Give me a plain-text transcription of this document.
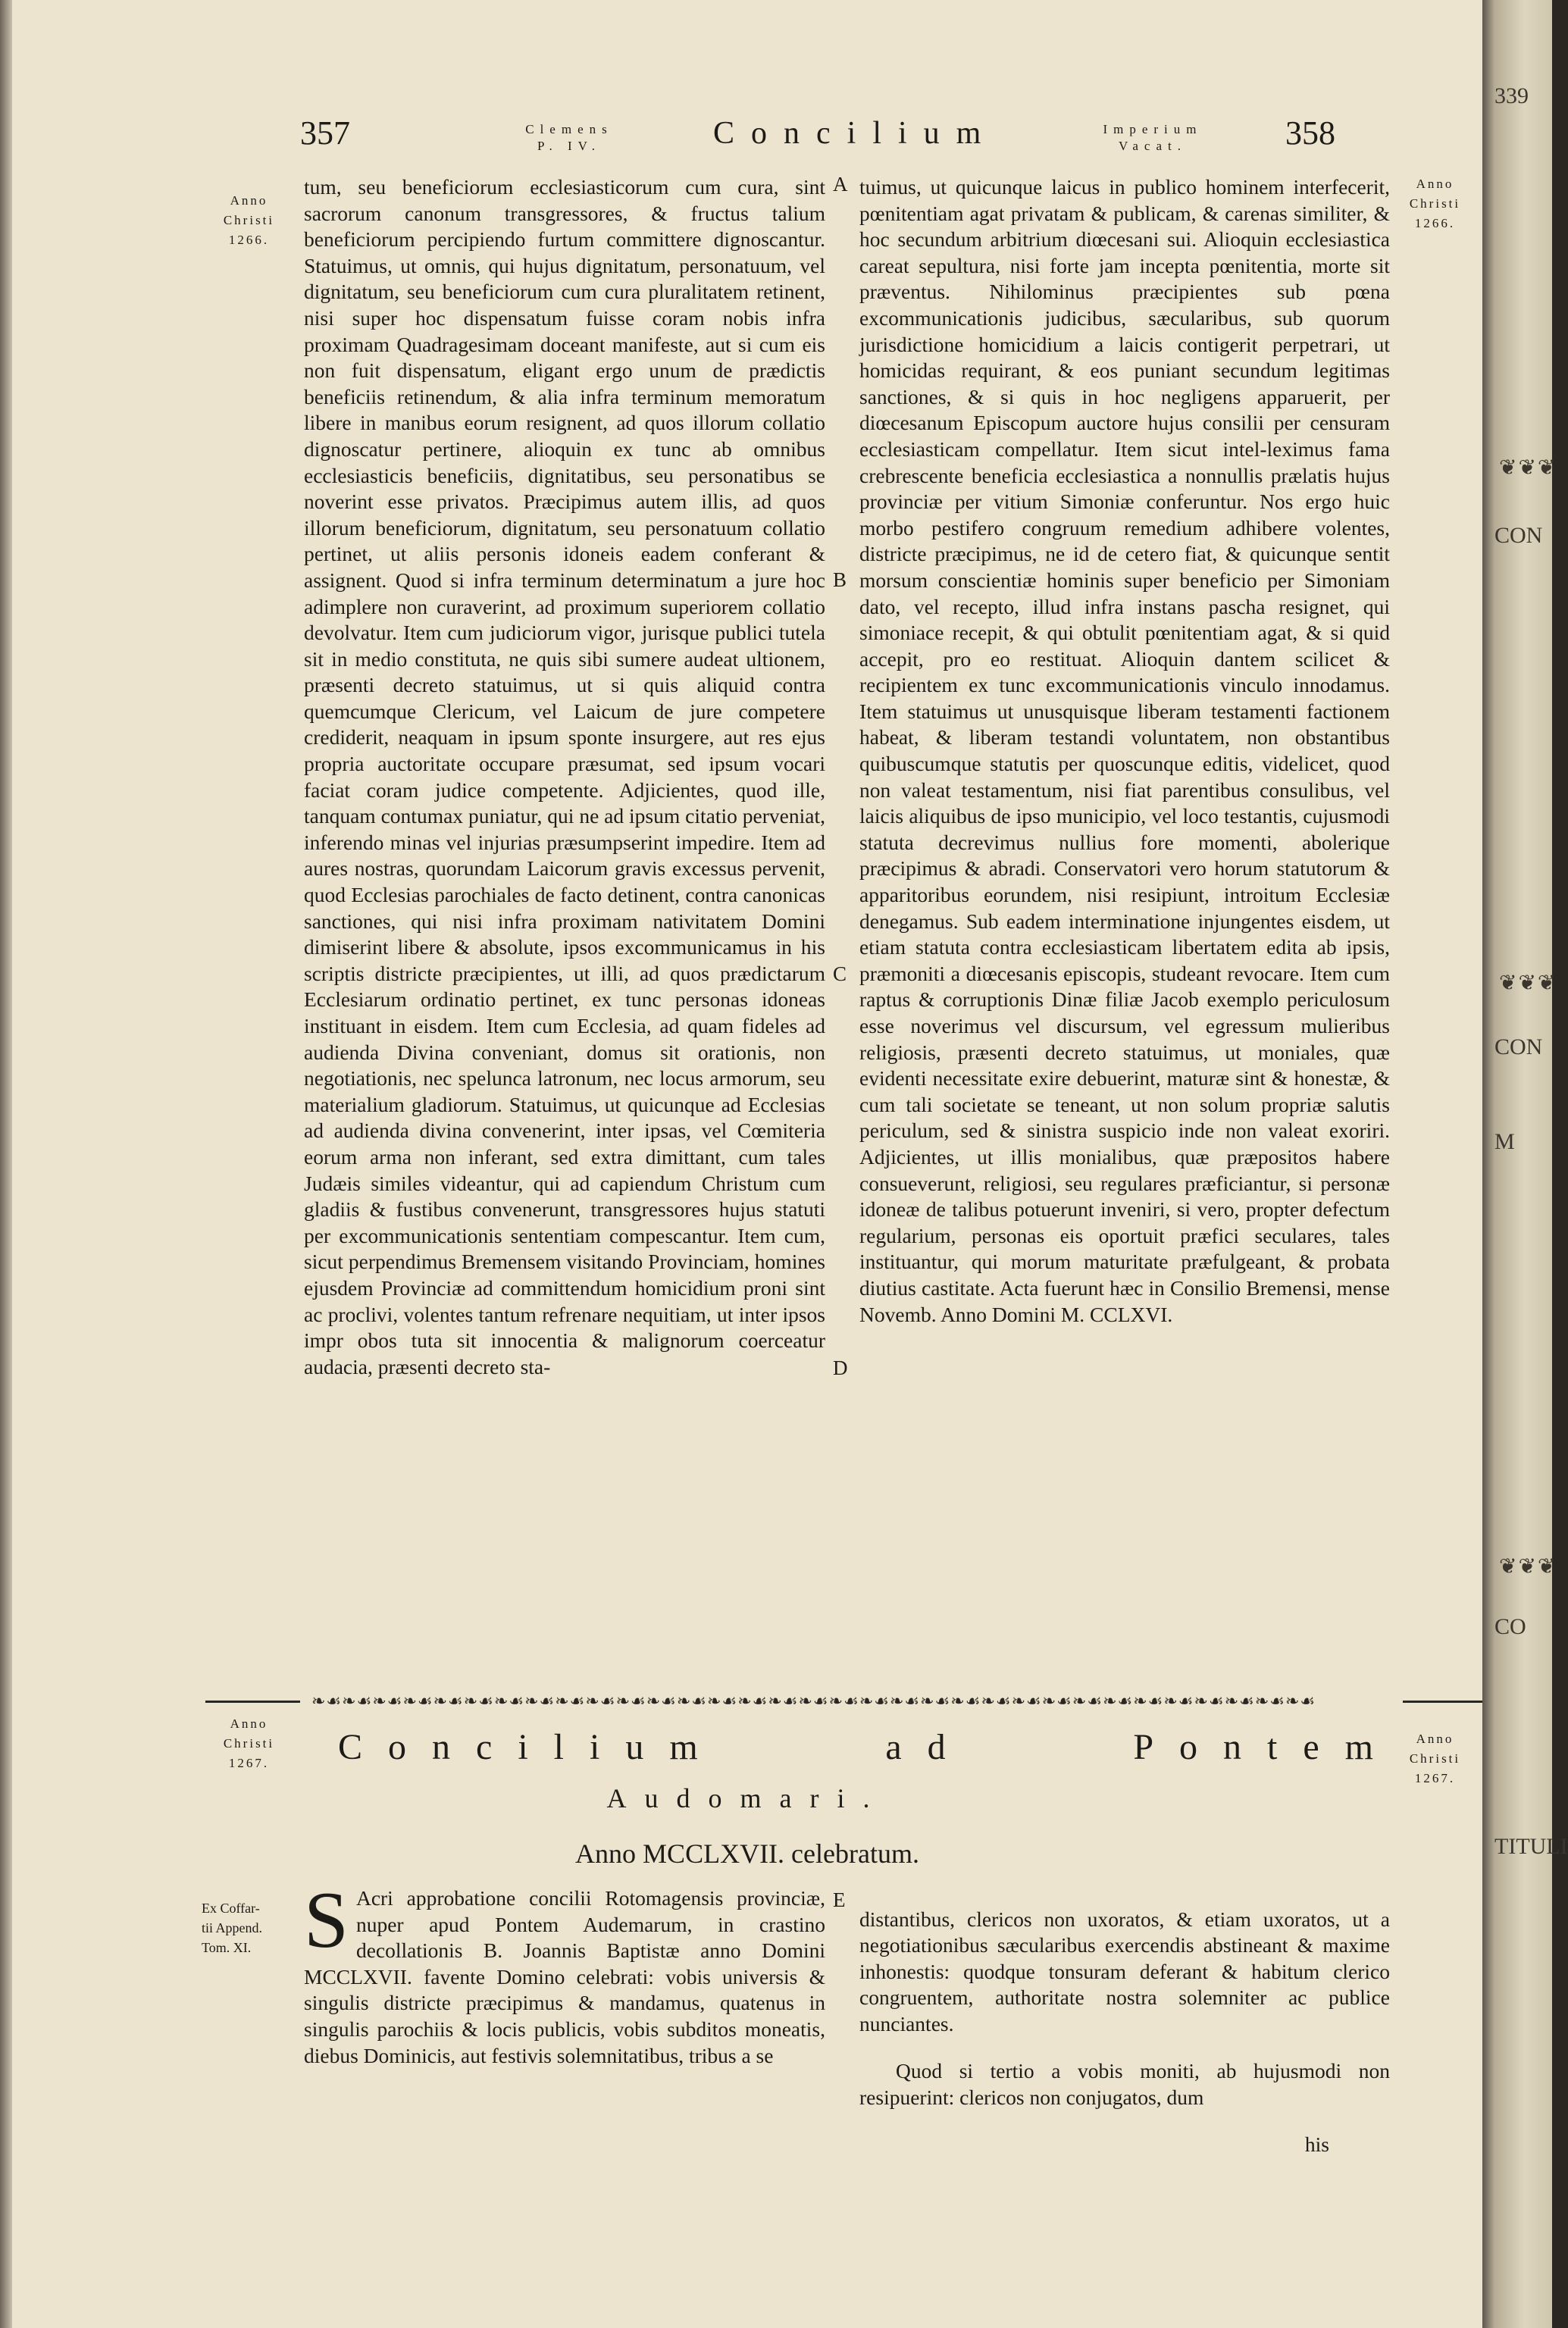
357	Clemens
P. IV.	Concilium	Imperium
Vacat.	358
Anno
Christi
1266.
Anno
Christi
1266.
Anno
Christi
1267.
Anno
Christi
1267.
Ex Coffar-
tii Append.
Tom. XI.
A
B
C
D
E

tum, seu beneficiorum ecclesiasticorum cum cura, sint sacrorum canonum transgressores, & fructus talium beneficiorum percipiendo furtum committere dignoscantur. Statuimus, ut omnis, qui hujus dignitatum, personatuum, vel dignitatum, seu beneficiorum cum cura pluralitatem retinent, nisi super hoc dispensatum fuisse coram nobis infra proximam Quadragesimam doceant manifeste, aut si cum eis non fuit dispensatum, eligant ergo unum de prædictis beneficiis retinendum, & alia infra terminum memoratum libere in manibus eorum resignent, ad quos illorum collatio dignoscatur pertinere, alioquin ex tunc ab omnibus ecclesiasticis beneficiis, dignitatibus, seu personatibus se noverint esse privatos. Præcipimus autem illis, ad quos illorum beneficiorum, dignitatum, seu personatuum collatio pertinet, ut aliis personis idoneis eadem conferant & assignent. Quod si infra terminum determinatum a jure hoc adimplere non curaverint, ad proximum superiorem collatio devolvatur. Item cum judiciorum vigor, jurisque publici tutela sit in medio constituta, ne quis sibi sumere audeat ultionem, præsenti decreto statuimus, ut si quis aliquid contra quemcumque Clericum, vel Laicum de jure competere crediderit, neaquam in ipsum sponte insurgere, aut res ejus propria auctoritate occupare præsumat, sed ipsum vocari faciat coram judice competente. Adjicientes, quod ille, tanquam contumax puniatur, qui ne ad ipsum citatio perveniat, inferendo minas vel injurias præsumpserint impedire. Item ad aures nostras, quorundam Laicorum gravis excessus pervenit, quod Ecclesias parochiales de facto detinent, contra canonicas sanctiones, qui nisi infra proximam nativitatem Domini dimiserint libere & absolute, ipsos excommunicamus in his scriptis districte præcipientes, ut illi, ad quos prædictarum Ecclesiarum ordinatio pertinet, ex tunc personas idoneas instituant in eisdem. Item cum Ecclesia, ad quam fideles ad audienda Divina conveniant, domus sit orationis, non negotiationis, nec spelunca latronum, nec locus armorum, seu materialium gladiorum. Statuimus, ut quicunque ad Ecclesias ad audienda divina convenerint, inter ipsas, vel Cœmiteria eorum arma non inferant, sed extra dimittant, cum tales Judæis similes videantur, qui ad capiendum Christum cum gladiis & fustibus convenerunt, transgressores hujus statuti per excommunicationis sententiam compescantur. Item cum, sicut perpendimus Bremensem visitando Provinciam, homines ejusdem Provinciæ ad committendum homicidium proni sint ac proclivi, volentes tantum refrenare nequitiam, ut inter ipsos impr obos tuta sit innocentia & malignorum coerceatur audacia, præsenti decreto sta-

tuimus, ut quicunque laicus in publico hominem interfecerit, pœnitentiam agat privatam & publicam, & carenas similiter, & hoc secundum arbitrium diœcesani sui. Alioquin ecclesiastica careat sepultura, nisi forte jam incepta pœnitentia, morte sit præventus. Nihilominus præcipientes sub pœna excommunicationis judicibus, sæcularibus, sub quorum jurisdictione homicidium a laicis contigerit perpetrari, ut homicidas requirant, & eos puniant secundum legitimas sanctiones, & si quis in hoc negligens apparuerit, per diœcesanum Episcopum auctore hujus consilii per censuram ecclesiasticam compellatur. Item sicut intel-leximus fama crebrescente beneficia ecclesiastica a nonnullis prælatis hujus provinciæ per vitium Simoniæ conferuntur. Nos ergo huic morbo pestifero congruum remedium adhibere volentes, districte præcipimus, ne id de cetero fiat, & quicunque sentit morsum conscientiæ hominis super beneficio per Simoniam dato, vel recepto, illud infra instans pascha resignet, qui simoniace recepit, & qui obtulit pœnitentiam agat, & si quid accepit, pro eo restituat. Alioquin dantem scilicet & recipientem ex tunc excommunicationis vinculo innodamus. Item statuimus ut unusquisque liberam testamenti factionem habeat, & liberam testandi voluntatem, non obstantibus quibuscumque statutis per quoscunque editis, videlicet, quod non valeat testamentum, nisi fiat parentibus consulibus, vel laicis aliquibus de ipso municipio, vel loco testantis, cujusmodi statuta decrevimus nullius fore momenti, abolerique præcipimus & abradi. Conservatori vero horum statutorum & apparitoribus eorundem, nisi resipiunt, introitum Ecclesiæ denegamus. Sub eadem interminatione injungentes eisdem, ut etiam statuta contra ecclesiasticam libertatem edita ab ipsis, præmoniti a diœcesanis episcopis, studeant revocare. Item cum raptus & corruptionis Dinæ filiæ Jacob exemplo periculosum esse noverimus vel discursum, vel egressum mulieribus religiosis, præsenti decreto statuimus, ut moniales, quæ evidenti necessitate exire debuerint, maturæ sint & honestæ, & cum tali societate se teneant, ut non solum propriæ salutis periculum, sed & sinistra suspicio inde non valeat exoriri. Adjicientes, ut illis monialibus, quæ præpositos habere consueverunt, religiosi, seu regulares præficiantur, si personæ idoneæ de talibus potuerunt inveniri, si vero, propter defectum regularium, personas eis oportuit præfici seculares, tales instituantur, qui morum maturitate præfulgeant, & probata diutius castitate. Acta fuerunt hæc in Consilio Bremensi, mense Novemb. Anno Domini M. CCLXVI.

❧☙❧☙❧☙❧☙❧☙❧☙❧☙❧☙❧☙❧☙❧☙❧☙❧☙❧☙❧☙❧☙❧☙❧☙❧☙❧☙❧☙❧☙❧☙❧☙❧☙❧☙❧☙❧☙❧☙❧☙❧☙❧☙❧☙
Concilium ad Pontem
Audomari.
Anno MCCLXVII. celebratum.
S Acri approbatione concilii Rotomagensis provinciæ, nuper apud Pontem Audemarum, in crastino decollationis B. Joannis Baptistæ anno Domini MCCLXVII. favente Domino celebrati: vobis universis & singulis districte præcipimus & mandamus, quatenus in singulis parochiis & locis publicis, vobis subditos moneatis, diebus Dominicis, aut festivis solemnitatibus, tribus a se

distantibus, clericos non uxoratos, & etiam uxoratos, ut a negotiationibus sæcularibus exercendis abstineant & maxime inhonestis: quodque tonsuram deferant & habitum clerico congruentem, authoritate nostra solemniter ac publice nunciantes.

Quod si tertio a vobis moniti, ab hujusmodi non resipuerint: clericos non conjugatos, dum

his

339
❦❦❦
CON
❦❦❦
CON
M
❦❦❦
CO
TITULI
